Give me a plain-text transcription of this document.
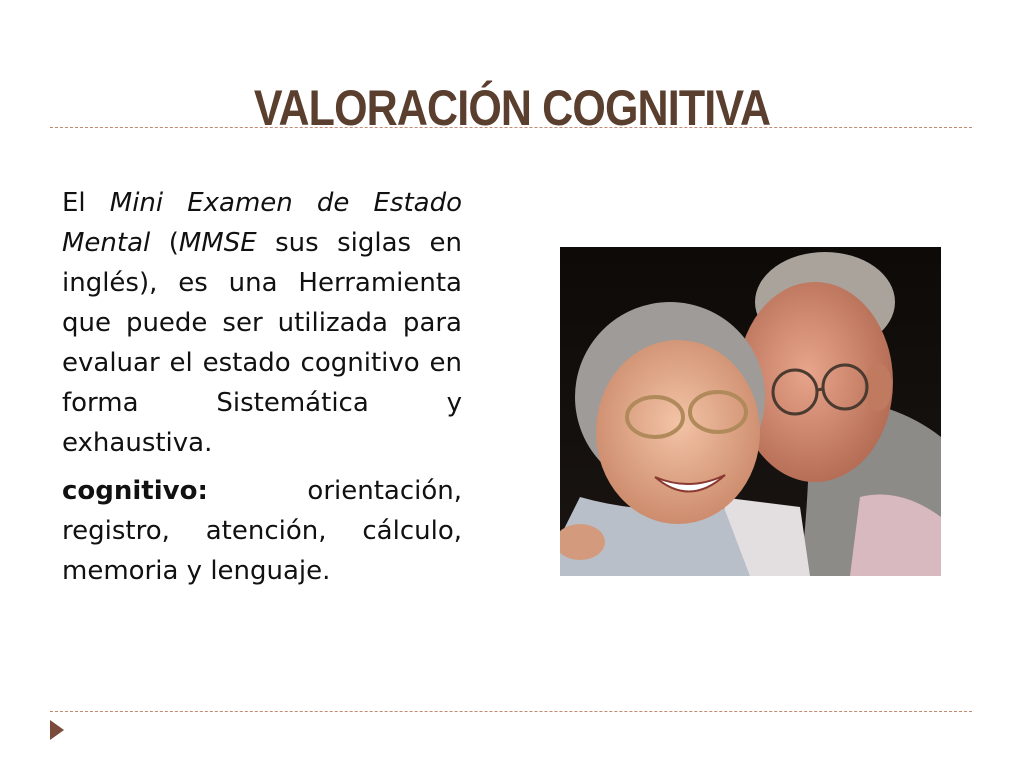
VALORACIÓN COGNITIVA

El Mini Examen de Estado Mental (MMSE sus siglas en inglés), es una Herramienta que puede ser utilizada para evaluar el estado cognitivo en forma Sistemática y exhaustiva.

cognitivo:	orientación, registro, atención, cálculo, memoria y lenguaje.
